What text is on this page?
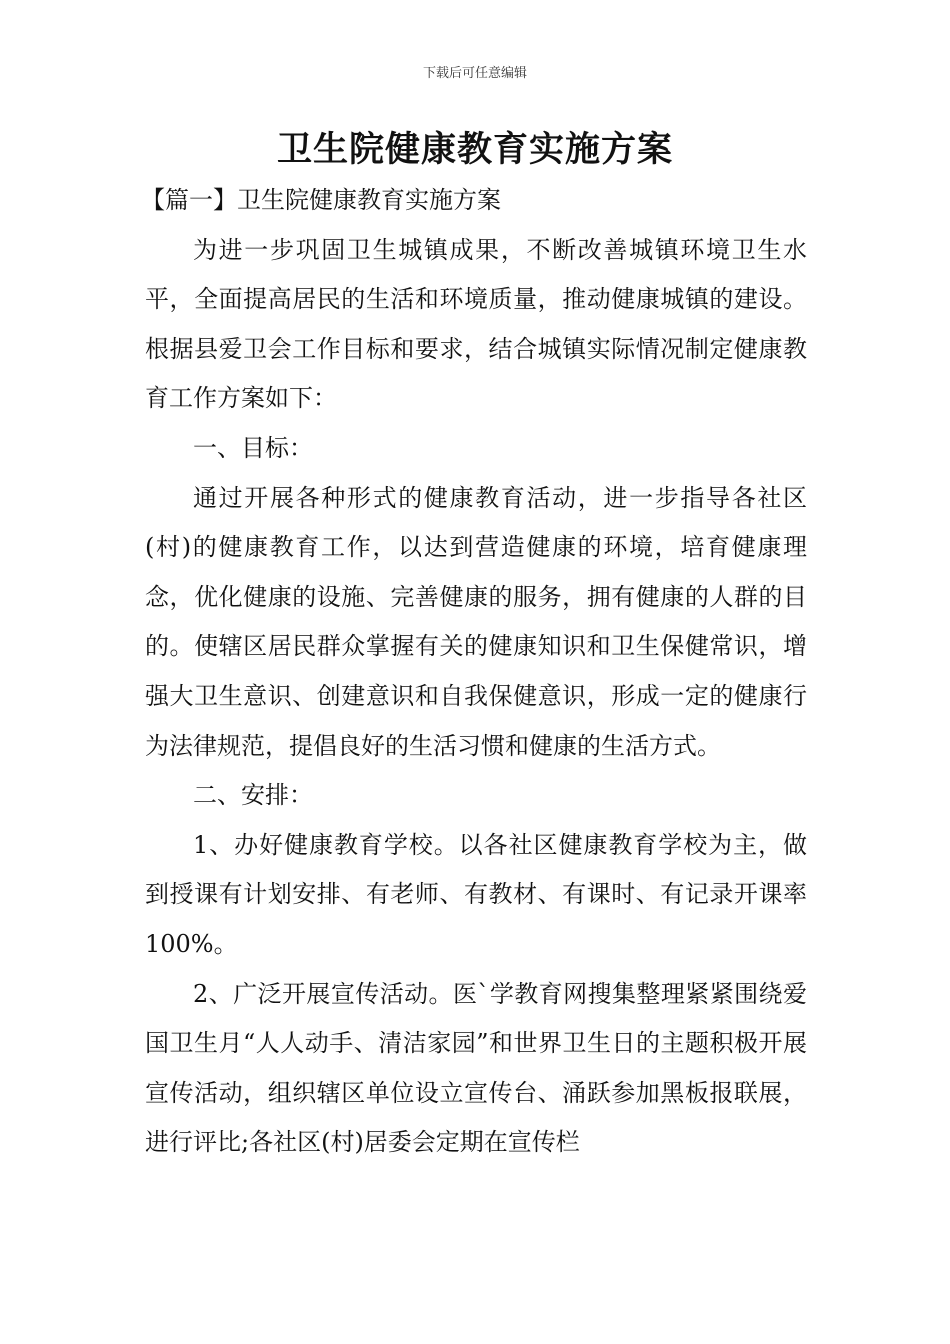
下载后可任意编辑
卫生院健康教育实施方案

【篇一】卫生院健康教育实施方案

为进一步巩固卫生城镇成果，不断改善城镇环境卫生水平，全面提高居民的生活和环境质量，推动健康城镇的建设。根据县爱卫会工作目标和要求，结合城镇实际情况制定健康教育工作方案如下：

一、目标：

通过开展各种形式的健康教育活动，进一步指导各社区(村)的健康教育工作，以达到营造健康的环境，培育健康理念，优化健康的设施、完善健康的服务，拥有健康的人群的目的。使辖区居民群众掌握有关的健康知识和卫生保健常识，增强大卫生意识、创建意识和自我保健意识，形成一定的健康行为法律规范，提倡良好的生活习惯和健康的生活方式。

二、安排：

1、办好健康教育学校。以各社区健康教育学校为主，做到授课有计划安排、有老师、有教材、有课时、有记录开课率100%。

2、广泛开展宣传活动。医`学教育网搜集整理紧紧围绕爱国卫生月“人人动手、清洁家园”和世界卫生日的主题积极开展宣传活动，组织辖区单位设立宣传台、涌跃参加黑板报联展，进行评比;各社区(村)居委会定期在宣传栏
